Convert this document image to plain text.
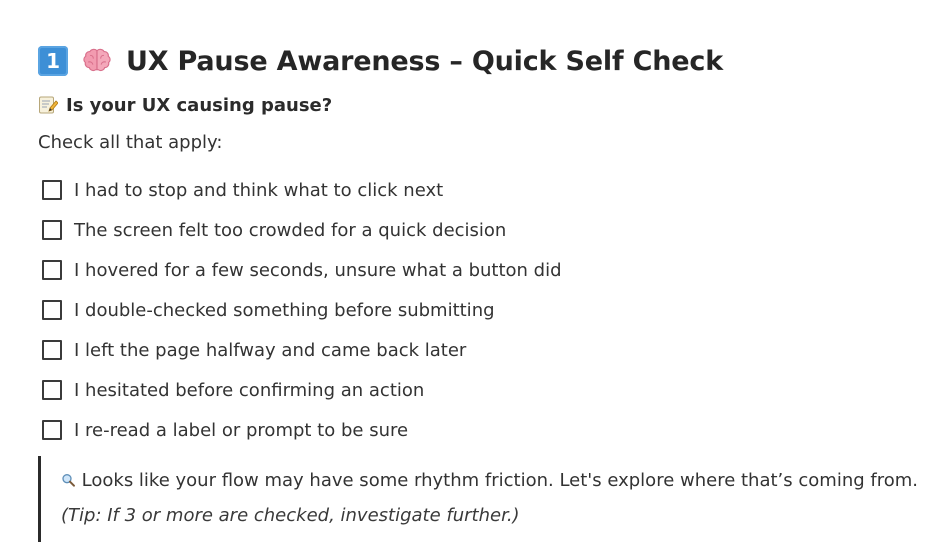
1	UX Pause Awareness – Quick Self Check
Is your UX causing pause?
Check all that apply:
I had to stop and think what to click next
The screen felt too crowded for a quick decision
I hovered for a few seconds, unsure what a button did
I double-checked something before submitting
I left the page halfway and came back later
I hesitated before confirming an action
I re-read a label or prompt to be sure
Looks like your flow may have some rhythm friction. Let's explore where that’s coming from.
(Tip: If 3 or more are checked, investigate further.)
